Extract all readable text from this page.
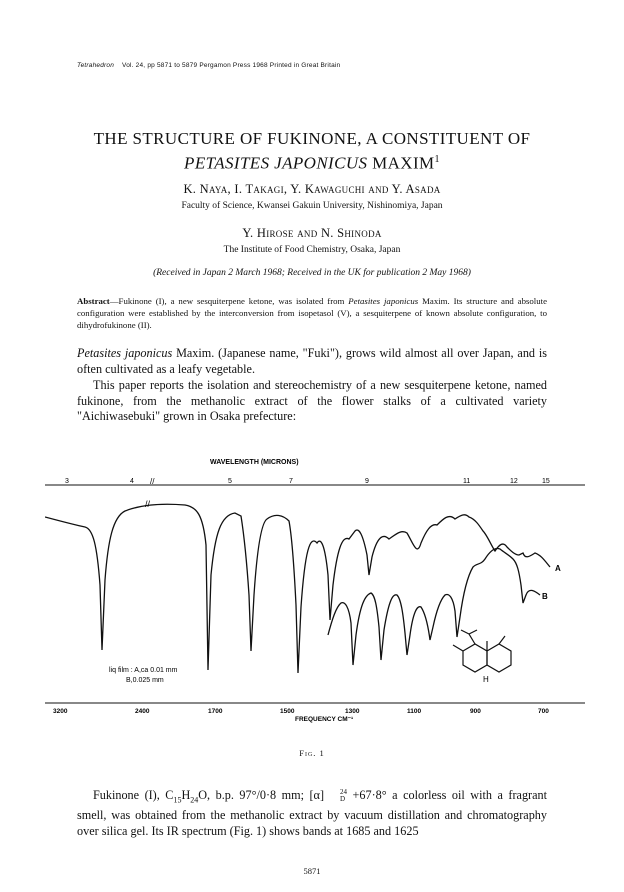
Tetrahedron Vol. 24, pp 5871 to 5879 Pergamon Press 1968 Printed in Great Britain
THE STRUCTURE OF FUKINONE, A CONSTITUENT OF
PETASITES JAPONICUS MAXIM$^1$
K. Naya, I. Takagi, Y. Kawaguchi and Y. Asada
Faculty of Science, Kwansei Gakuin University, Nishinomiya, Japan
Y. Hirose and N. Shinoda
The Institute of Food Chemistry, Osaka, Japan
(Received in Japan 2 March 1968; Received in the UK for publication 2 May 1968)
Abstract—Fukinone (I), a new sesquiterpene ketone, was isolated from Petasites japonicus Maxim. Its structure and absolute configuration were established by the interconversion from isopetasol (V), a sesquiterpene of known absolute configuration, to dihydrofukinone (II).
Petasites japonicus Maxim. (Japanese name, "Fuki"), grows wild almost all over Japan, and is often cultivated as a leafy vegetable.
This paper reports the isolation and stereochemistry of a new sesquiterpene ketone, named fukinone, from the methanolic extract of the flower stalks of a cultivated variety "Aichiwasebuki" grown in Osaka prefecture:
WAVELENGTH (MICRONS)
3	4 //	5	7	9	11	12	15
A
B
//
liq film : A,ca 0.01 mm
B,0.025 mm	H
3200	2400	1700	1500	1300	1100	900	700
FREQUENCY CM⁻¹
Fig. 1
Fukinone (I), $C_{15}H_{24}O$, b.p. 97°/0·8 mm; [α]	24
D +67·8° a colorless oil with a fragrant smell, was obtained from the methanolic extract by vacuum distillation and chromatography over silica gel. Its IR spectrum (Fig. 1) shows bands at 1685 and 1625
5871
